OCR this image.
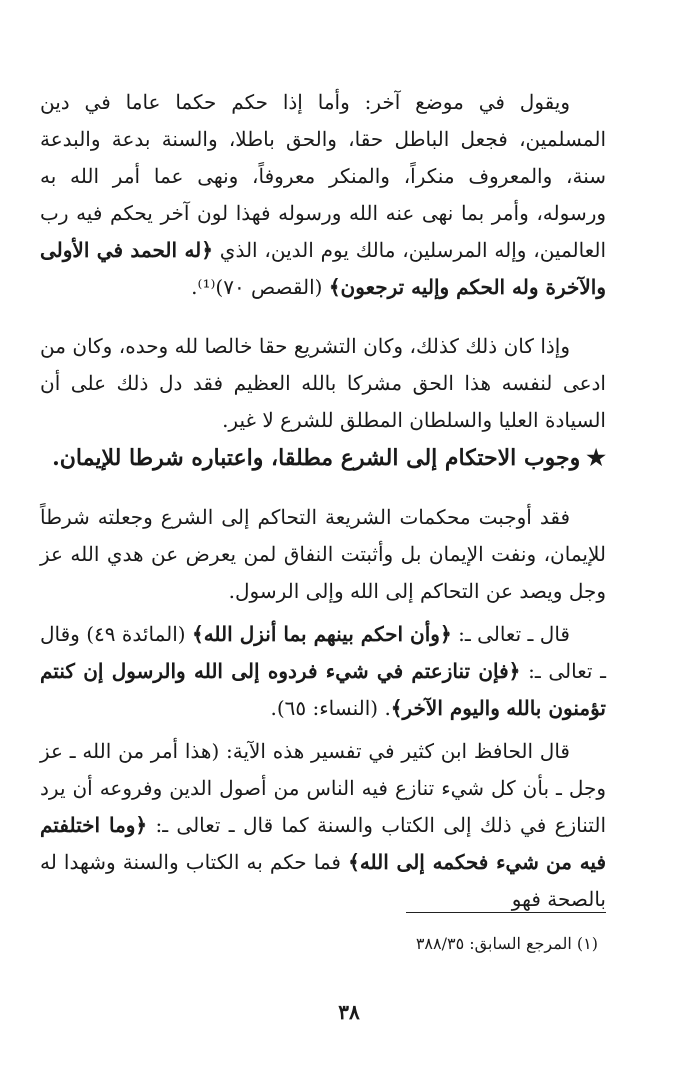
ويقول في موضع آخر: وأما إذا حكم حكما عاما في دين المسلمين، فجعل الباطل حقا، والحق باطلا، والسنة بدعة والبدعة سنة، والمعروف منكراً، والمنكر معروفاً، ونهى عما أمر الله به ورسوله، وأمر بما نهى عنه الله ورسوله فهذا لون آخر يحكم فيه رب العالمين، وإله المرسلين، مالك يوم الدين، الذي ﴿له الحمد في الأولى والآخرة وله الحكم وإليه ترجعون﴾ (القصص ٧٠)⁽¹⁾.

وإذا كان ذلك كذلك، وكان التشريع حقا خالصا لله وحده، وكان من ادعى لنفسه هذا الحق مشركا بالله العظيم فقد دل ذلك على أن السيادة العليا والسلطان المطلق للشرع لا غير.

★وجوب الاحتكام إلى الشرع مطلقا، واعتباره شرطا للإيمان.

فقد أوجبت محكمات الشريعة التحاكم إلى الشرع وجعلته شرطاً للإيمان، ونفت الإيمان بل وأثبتت النفاق لمن يعرض عن هدي الله عز وجل ويصد عن التحاكم إلى الله وإلى الرسول.

قال ـ تعالى ـ: ﴿وأن احكم بينهم بما أنزل الله﴾ (المائدة ٤٩) وقال ـ تعالى ـ: ﴿فإن تنازعتم في شيء فردوه إلى الله والرسول إن كنتم تؤمنون بالله واليوم الآخر﴾. (النساء: ٦٥).

قال الحافظ ابن كثير في تفسير هذه الآية: (هذا أمر من الله ـ عز وجل ـ بأن كل شيء تنازع فيه الناس من أصول الدين وفروعه أن يرد التنازع في ذلك إلى الكتاب والسنة كما قال ـ تعالى ـ: ﴿وما اختلفتم فيه من شيء فحكمه إلى الله﴾ فما حكم به الكتاب والسنة وشهدا له بالصحة فهو

(١) المرجع السابق: ٣٨٨/٣٥
٣٨
